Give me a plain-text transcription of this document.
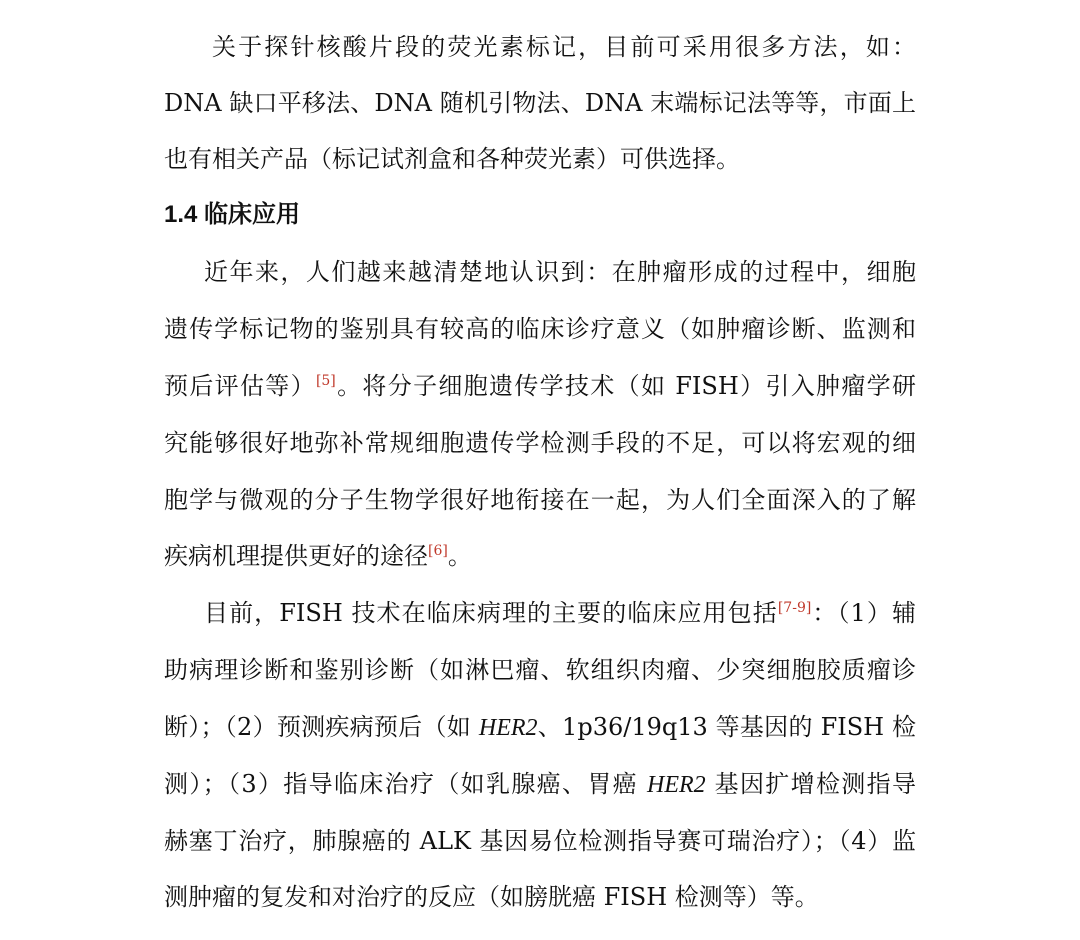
关于探针核酸片段的荧光素标记，目前可采用很多方法，如：
DNA 缺口平移法、DNA 随机引物法、DNA 末端标记法等等，市面上
也有相关产品（标记试剂盒和各种荧光素）可供选择。
1.4 临床应用
近年来，人们越来越清楚地认识到：在肿瘤形成的过程中，细胞
遗传学标记物的鉴别具有较高的临床诊疗意义（如肿瘤诊断、监测和
预后评估等）[5]。将分子细胞遗传学技术（如 FISH）引入肿瘤学研
究能够很好地弥补常规细胞遗传学检测手段的不足，可以将宏观的细
胞学与微观的分子生物学很好地衔接在一起，为人们全面深入的了解
疾病机理提供更好的途径[6]。
目前，FISH 技术在临床病理的主要的临床应用包括[7-9]：（1）辅
助病理诊断和鉴别诊断（如淋巴瘤、软组织肉瘤、少突细胞胶质瘤诊
断）；（2）预测疾病预后（如 HER2、1p36/19q13 等基因的 FISH 检
测）；（3）指导临床治疗（如乳腺癌、胃癌 HER2 基因扩增检测指导
赫塞丁治疗，肺腺癌的 ALK 基因易位检测指导赛可瑞治疗）；（4）监
测肿瘤的复发和对治疗的反应（如膀胱癌 FISH 检测等）等。
